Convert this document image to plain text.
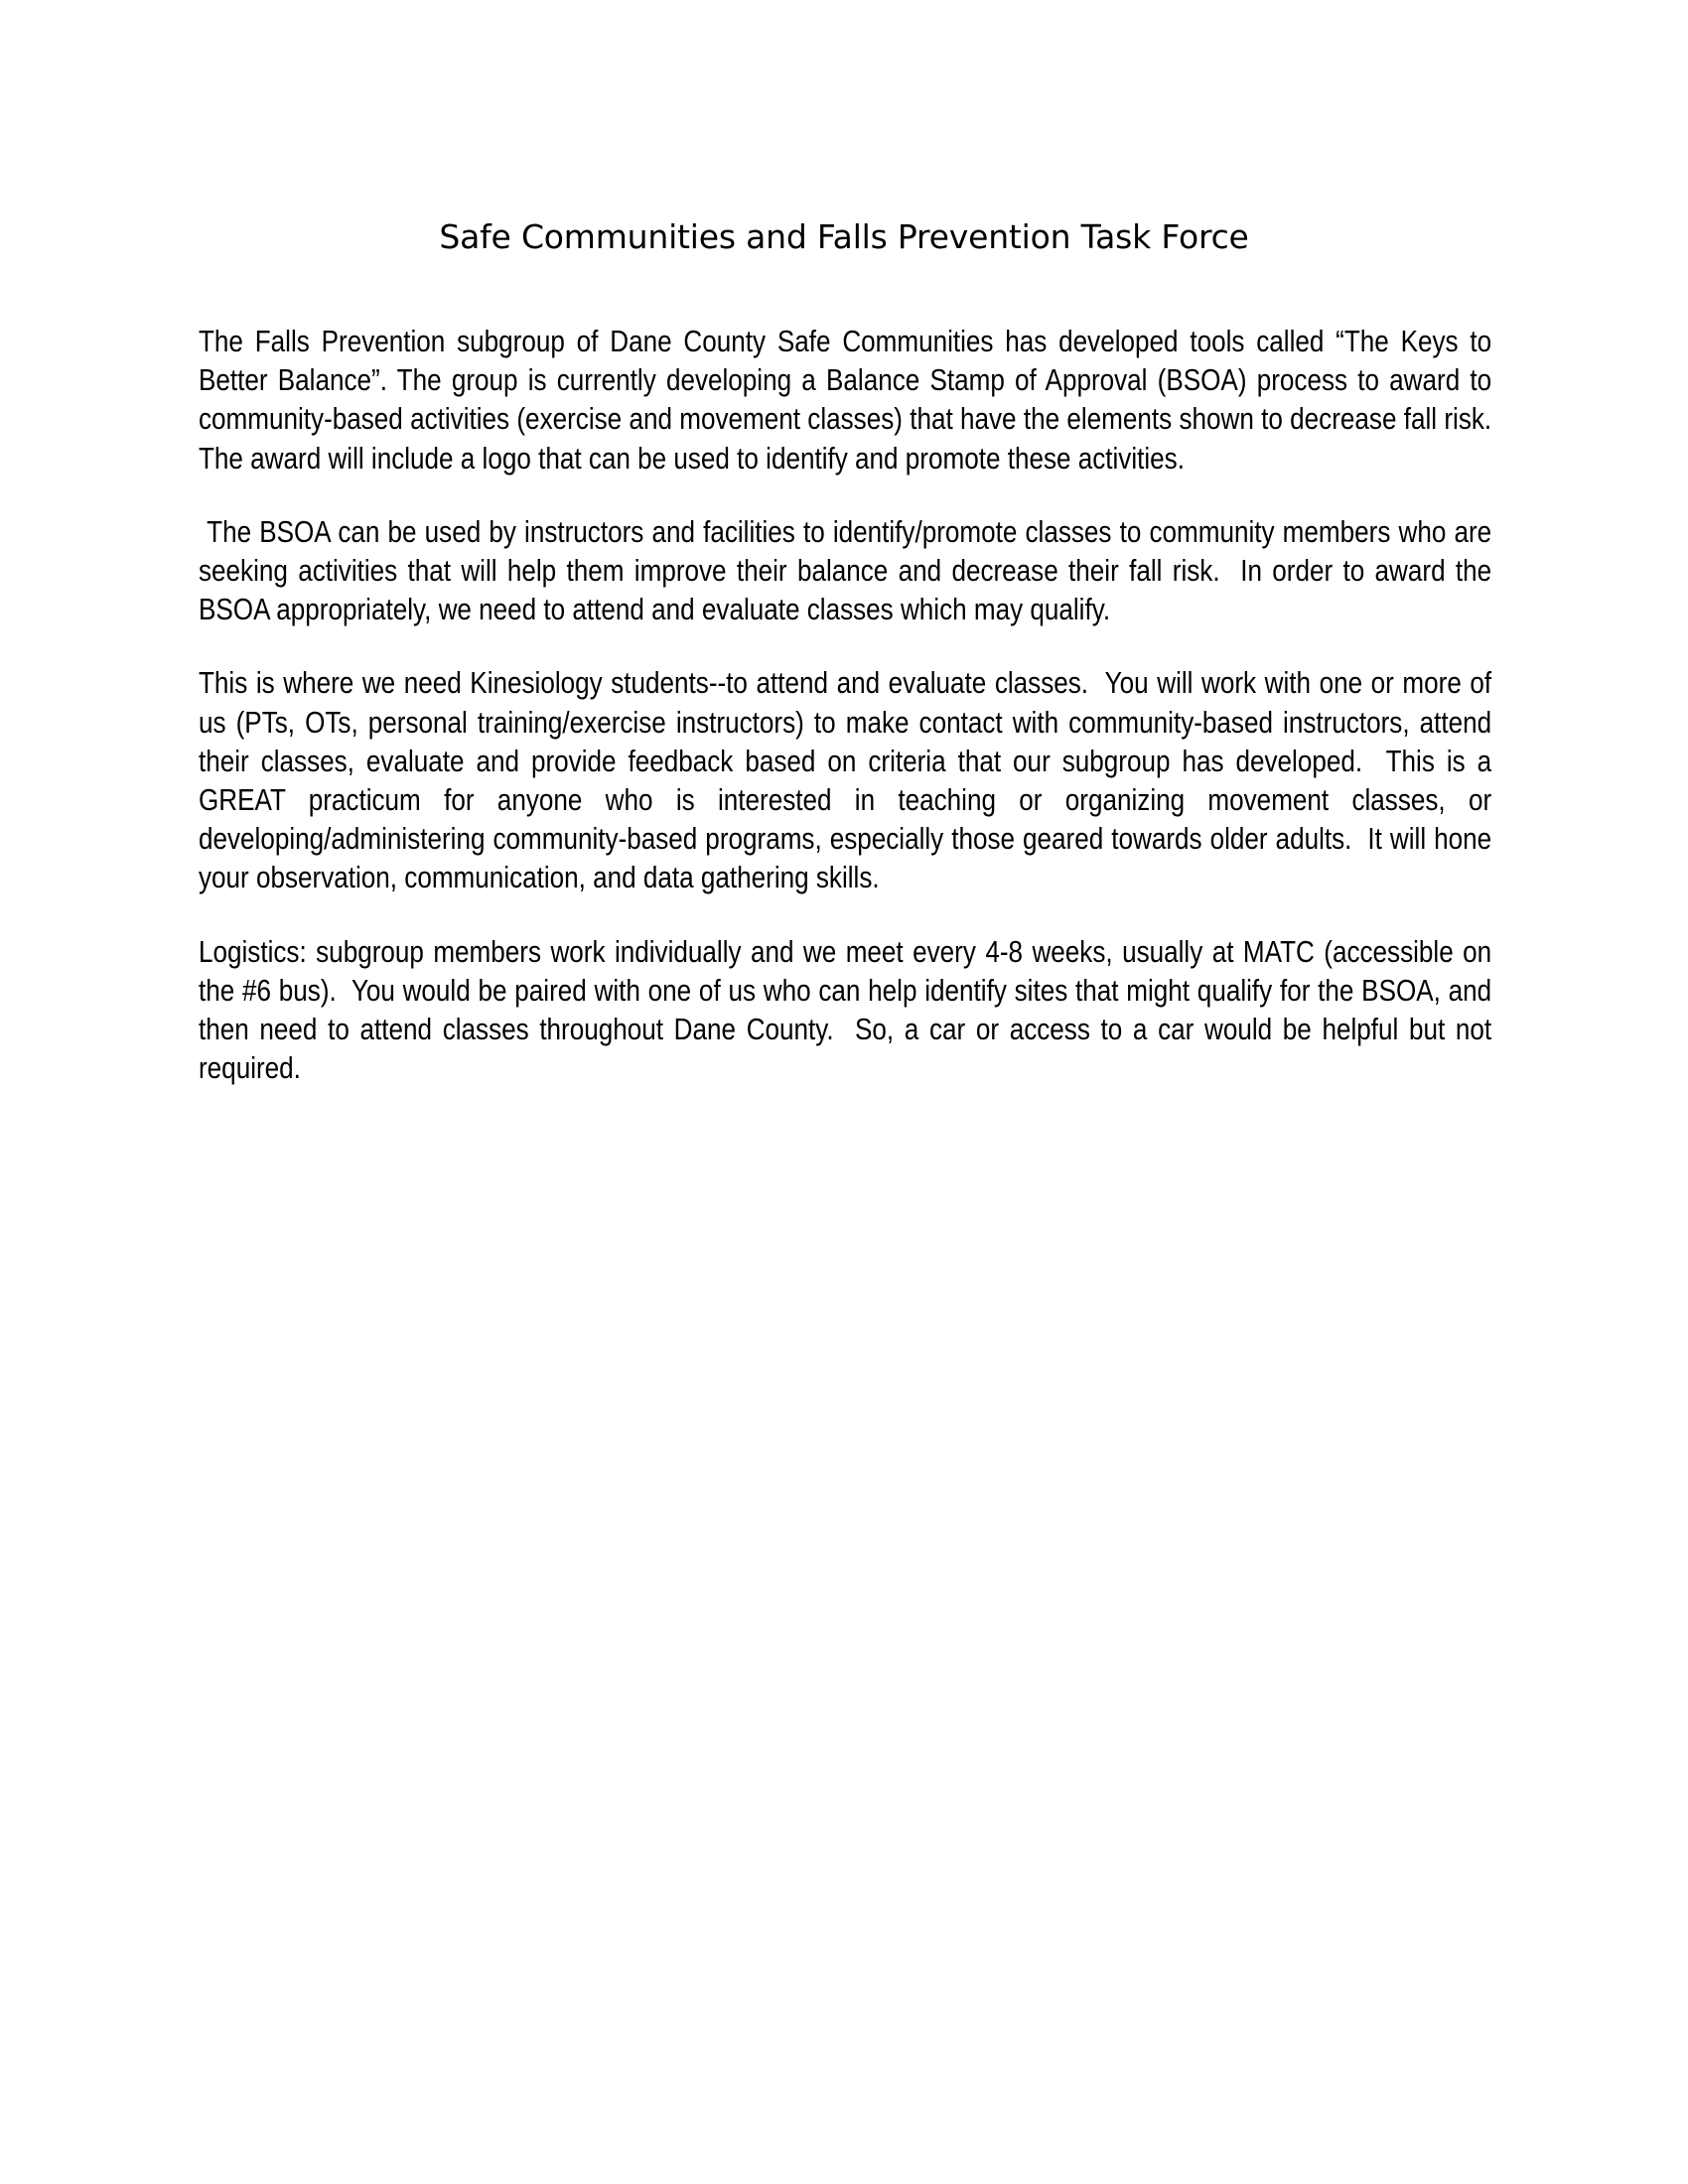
Safe Communities and Falls Prevention Task Force

The Falls Prevention subgroup of Dane County Safe Communities has developed tools called “The Keys to Better Balance”. The group is currently developing a Balance Stamp of Approval (BSOA) process to award to community-based activities (exercise and movement classes) that have the elements shown to decrease fall risk. The award will include a logo that can be used to identify and promote these activities.

The BSOA can be used by instructors and facilities to identify/promote classes to community members who are seeking activities that will help them improve their balance and decrease their fall risk.  In order to award the BSOA appropriately, we need to attend and evaluate classes which may qualify.

This is where we need Kinesiology students--to attend and evaluate classes.  You will work with one or more of us (PTs, OTs, personal training/exercise instructors) to make contact with community-based instructors, attend their classes, evaluate and provide feedback based on criteria that our subgroup has developed.  This is a GREAT practicum for anyone who is interested in teaching or organizing movement classes, or developing/administering community-based programs, especially those geared towards older adults.  It will hone your observation, communication, and data gathering skills.

Logistics: subgroup members work individually and we meet every 4-8 weeks, usually at MATC (accessible on the #6 bus).  You would be paired with one of us who can help identify sites that might qualify for the BSOA, and then need to attend classes throughout Dane County.  So, a car or access to a car would be helpful but not required.
